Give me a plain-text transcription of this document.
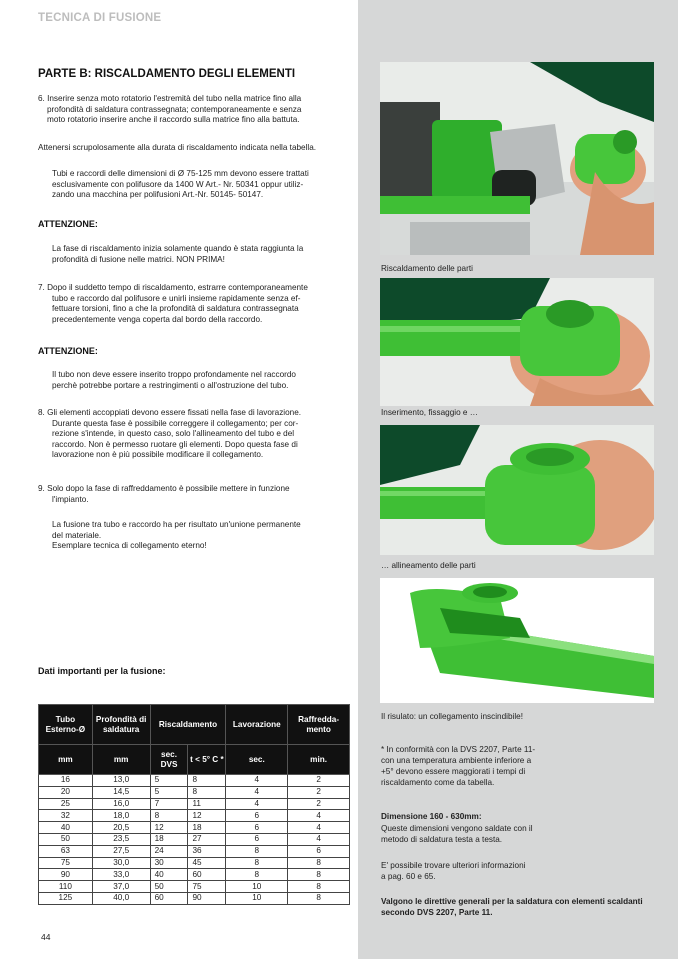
TECNICA DI FUSIONE
PARTE B: RISCALDAMENTO DEGLI ELEMENTI
6. Inserire senza moto rotatorio l'estremità del tubo nella matrice fino alla
profondità di saldatura contrassegnata; contemporaneamente e senza
moto rotatorio inserire anche il raccordo sulla matrice fino alla battuta.
Attenersi scrupolosamente alla durata di riscaldamento indicata nella tabella.
Tubi e raccordi delle dimensioni di Ø 75-125 mm devono essere trattati
esclusivamente con polifusore da 1400 W Art.- Nr. 50341 oppur utiliz-
zando una macchina per polifusioni Art.-Nr. 50145- 50147.
ATTENZIONE:
La fase di riscaldamento inizia solamente quando è stata raggiunta la
profondità di fusione nelle matrici. NON PRIMA!
7. Dopo il suddetto tempo di riscaldamento, estrarre contemporaneamente
tubo e raccordo dal polifusore e unirli insieme rapidamente senza ef-
fettuare torsioni, fino a che la profondità di saldatura contrassegnata
precedentemente venga coperta dal bordo della raccordo.
ATTENZIONE:
Il tubo non deve essere inserito troppo profondamente nel raccordo
perchè potrebbe portare a restringimenti o all'ostruzione del tubo.
8. Gli elementi accoppiati devono essere fissati nella fase di lavorazione.
Durante questa fase è possibile correggere il collegamento; per cor-
rezione s'intende, in questo caso, solo l'allineamento del tubo e del
raccordo. Non è permesso ruotare gli elementi. Dopo questa fase di
lavorazione non è più possibile modificare il collegamento.
9. Solo dopo la fase di raffreddamento è possibile mettere in funzione
l'impianto.
La fusione tra tubo e raccordo ha per risultato un'unione permanente
del materiale.
Esemplare tecnica di collegamento eterno!
Dati importanti per la fusione:
Tubo Esterno-Ø	Profondità di saldatura	Riscaldamento		Lavorazione	Raffredda-mento
mm	mm	sec. DVS	t < 5° C *	sec.	min.
16	13,0	5	8	4	2
20	14,5	5	8	4	2
25	16,0	7	11	4	2
32	18,0	8	12	6	4
40	20,5	12	18	6	4
50	23,5	18	27	6	4
63	27,5	24	36	8	6
75	30,0	30	45	8	8
90	33,0	40	60	8	8
110	37,0	50	75	10	8
125	40,0	60	90	10	8
44
Riscaldamento delle parti
Inserimento, fissaggio e …
… allineamento delle parti
Il risulato: un collegamento inscindibile!
* In conformità con la DVS 2207, Parte 11-
con una temperatura ambiente inferiore a
+5° devono essere maggiorati i tempi di
riscaldamento come da tabella.
Dimensione 160 - 630mm:
Queste dimensioni vengono saldate con il
metodo di saldatura testa a testa.
E' possibile trovare ulteriori informazioni
a pag. 60 e 65.
Valgono le direttive generali per la saldatura con elementi scaldanti
secondo DVS 2207, Parte 11.
